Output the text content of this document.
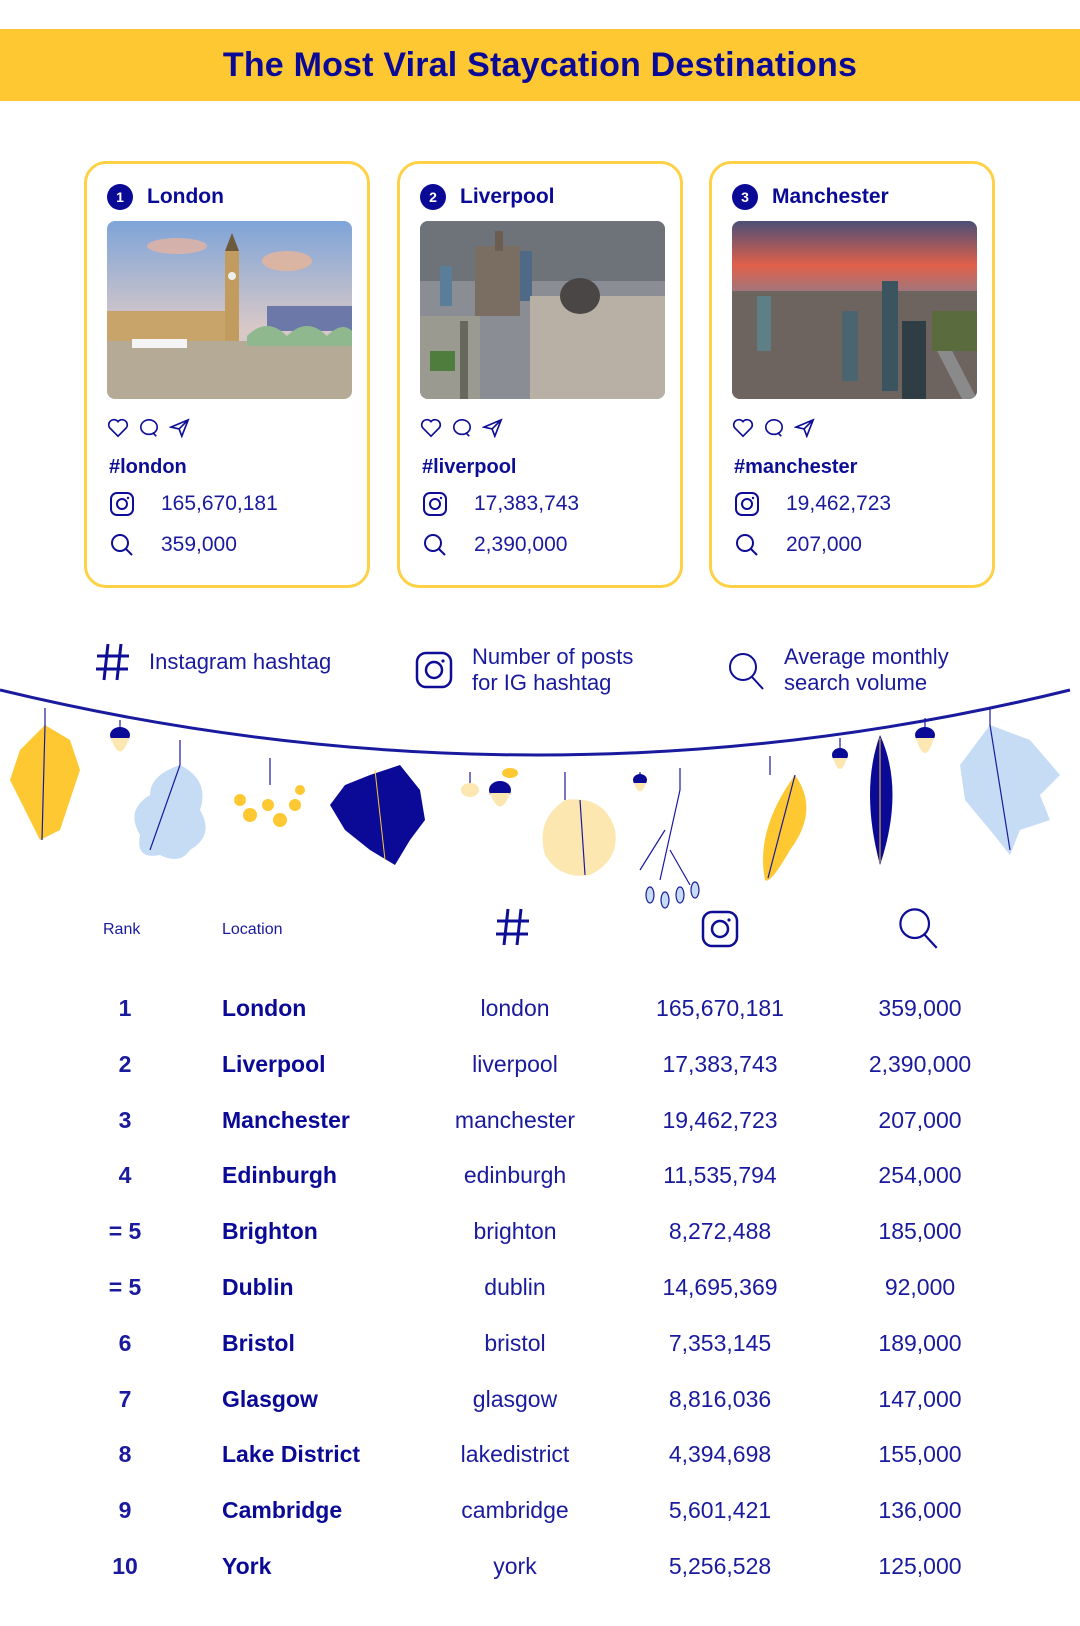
The Most Viral Staycation Destinations
1	London
#london
165,670,181
359,000
2	Liverpool
#liverpool
17,383,743
2,390,000
3	Manchester
#manchester
19,462,723
207,000
Instagram hashtag	Number of posts
for IG hashtag
Average monthly
search volume
Rank	Location
1	London	london	165,670,181	359,000
2	Liverpool	liverpool	17,383,743	2,390,000
3	Manchester	manchester	19,462,723	207,000
4	Edinburgh	edinburgh	11,535,794	254,000
= 5	Brighton	brighton	8,272,488	185,000
= 5	Dublin	dublin	14,695,369	92,000
6	Bristol	bristol	7,353,145	189,000
7	Glasgow	glasgow	8,816,036	147,000
8	Lake District	lakedistrict	4,394,698	155,000
9	Cambridge	cambridge	5,601,421	136,000
10	York	york	5,256,528	125,000
